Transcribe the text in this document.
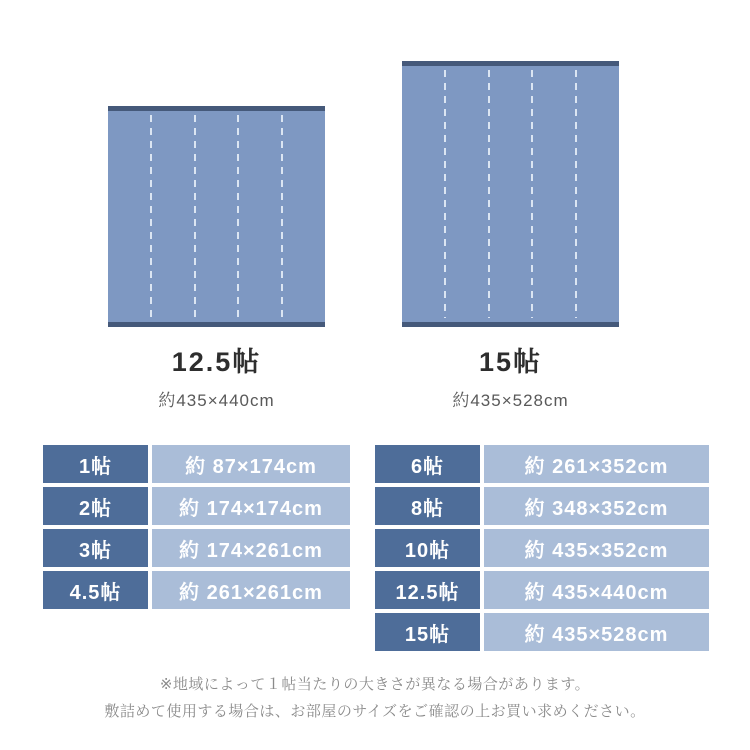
12.5帖
約435×440cm
15帖
約435×528cm
1帖	約 87×174cm
2帖	約 174×174cm
3帖	約 174×261cm
4.5帖	約 261×261cm
6帖	約 261×352cm
8帖	約 348×352cm
10帖	約 435×352cm
12.5帖	約 435×440cm
15帖	約 435×528cm
※地域によって１帖当たりの大きさが異なる場合があります。
敷詰めて使用する場合は、お部屋のサイズをご確認の上お買い求めください。
